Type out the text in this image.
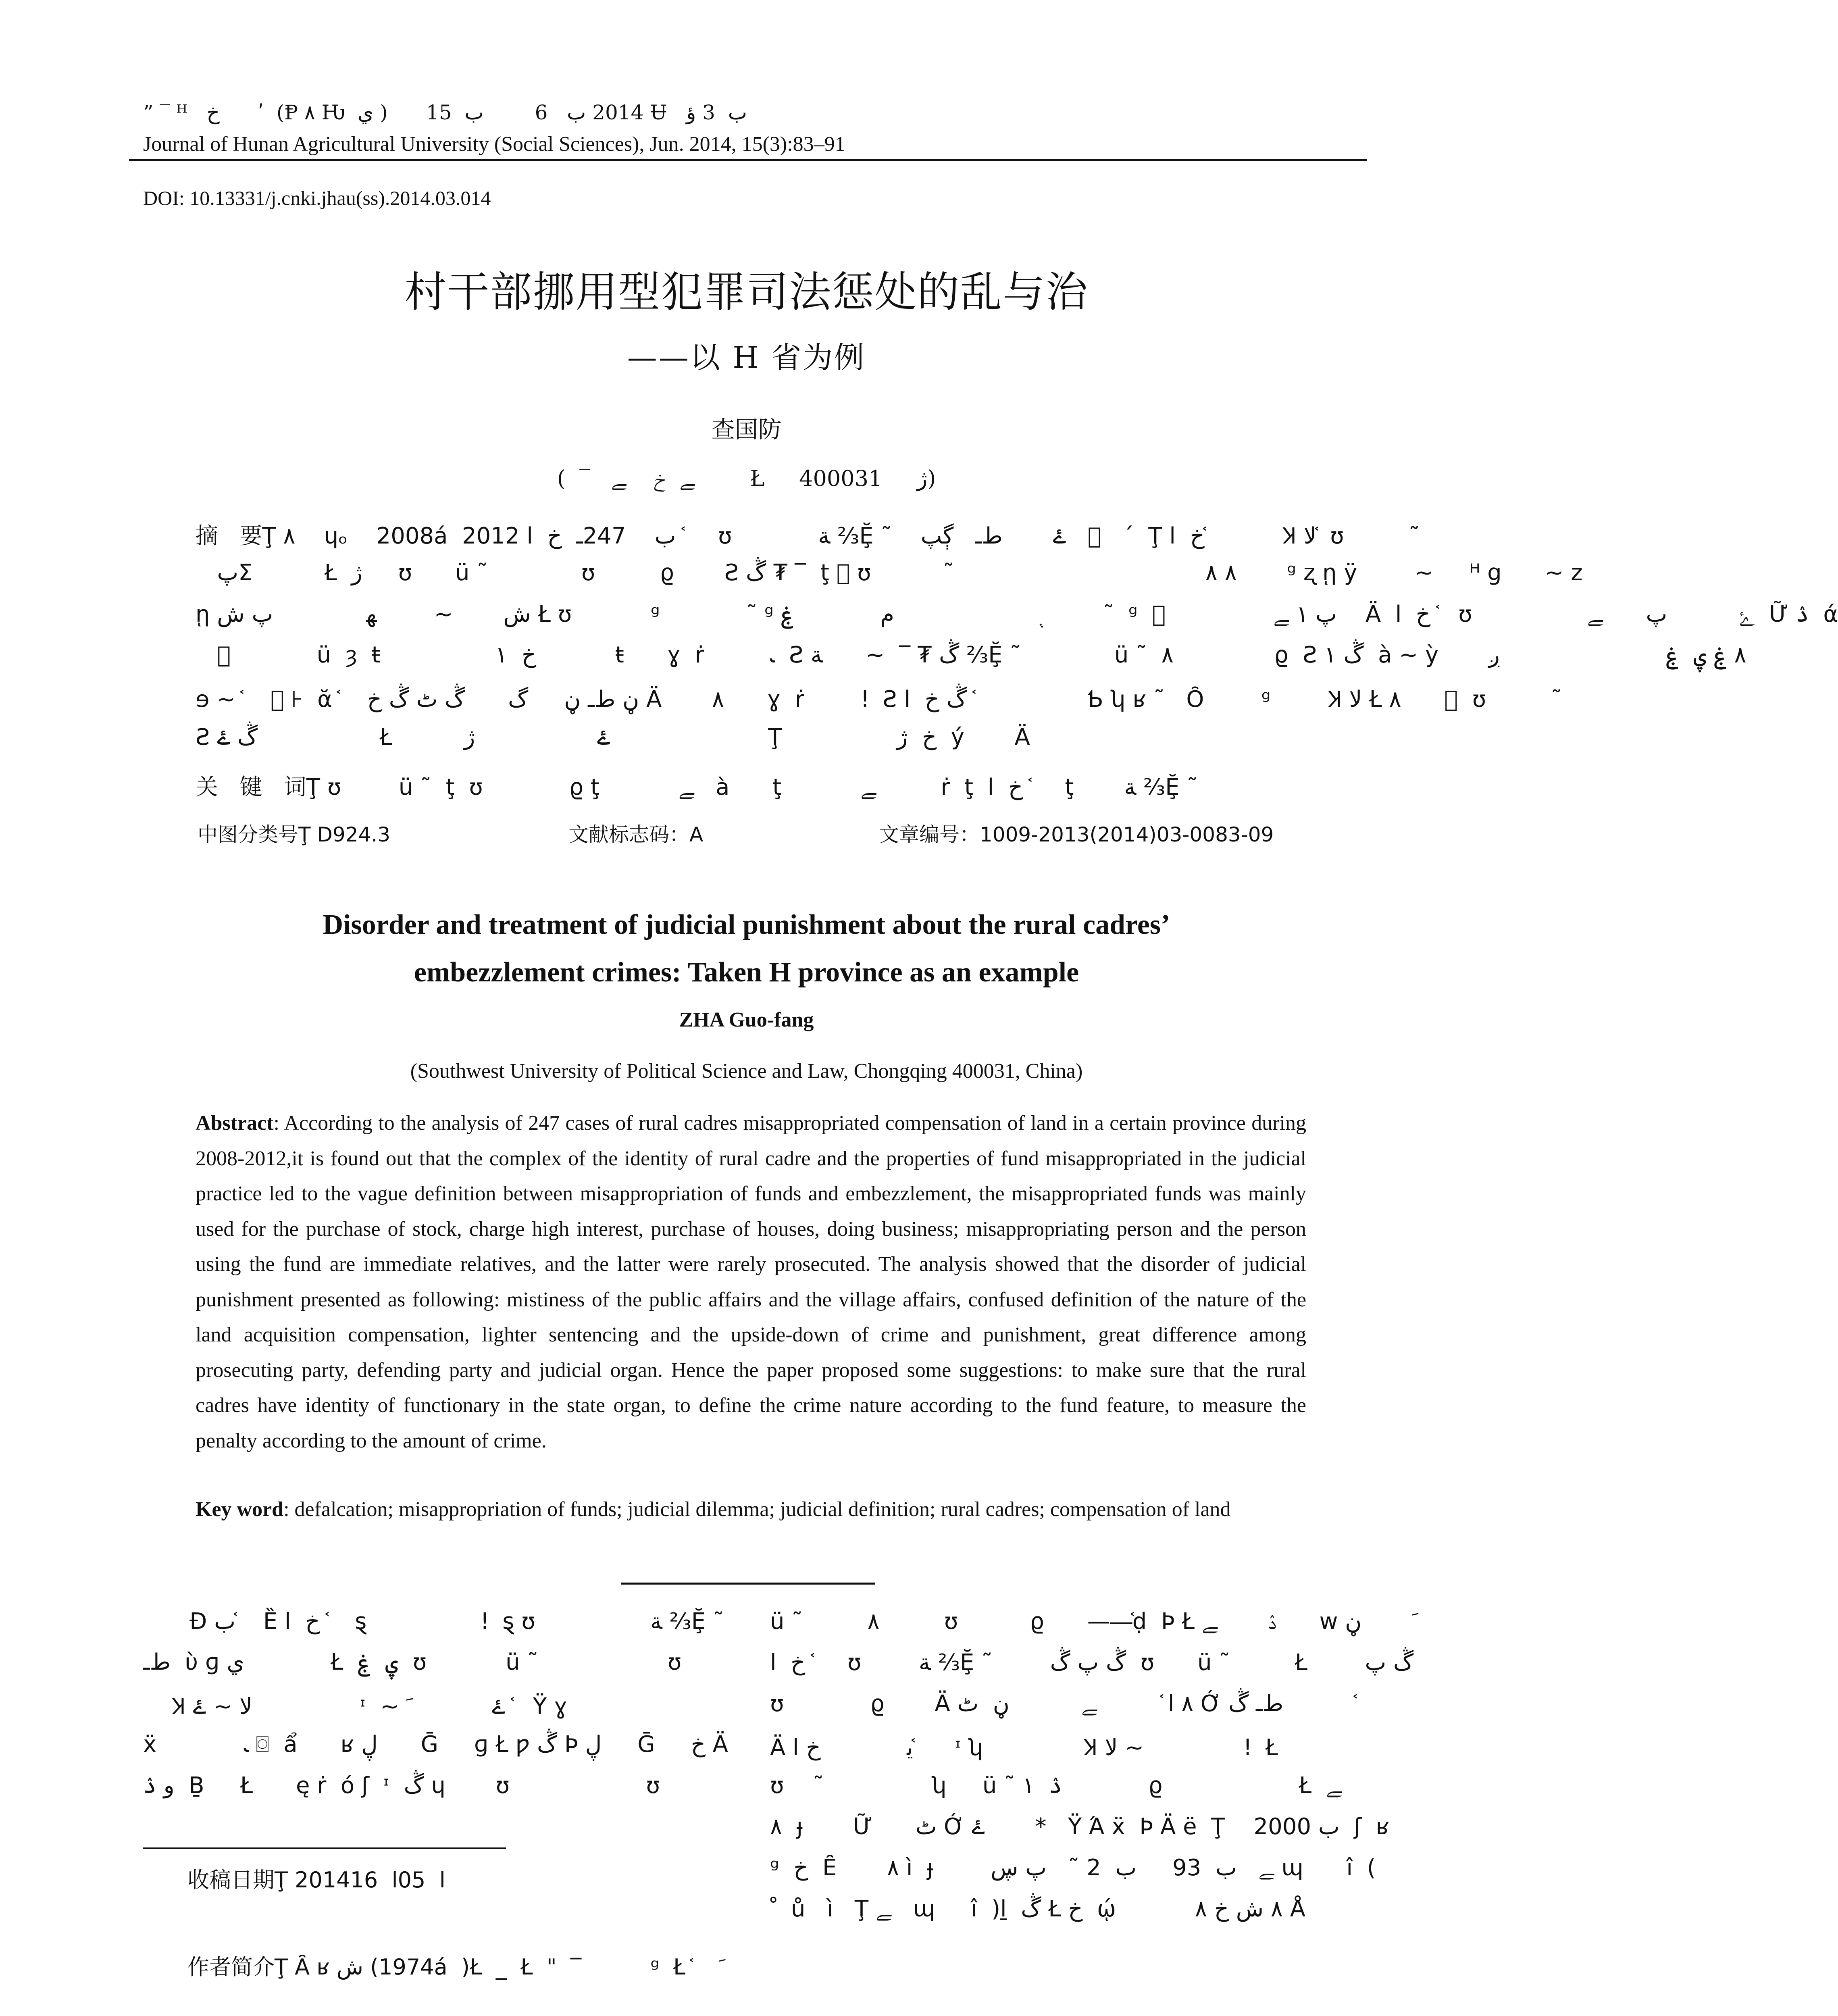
” ‾ ᴴ   خ      ʹ  (Ᵽ ٨ Ƕ  ي )      2014 ب   6        ب  15 Ʉ   ب  3 ؤ
Journal of Hunan Agricultural University (Social Sciences), Jun. 2014, 15(3):83–91
DOI: 10.13331/j.cnki.jhau(ss).2014.03.014
村干部挪用型犯罪司法惩处的乱与治
——以 H 省为例
查国防
(  ‾   ﮯ  خ    ﮯ        Ł     ژ     400031)
摘   要Ţ ٨    ɥₒ    2008á  2012 ب    247ـ  خ  ا  ᷾    ʊ            ﺔ ⅔Ḝ ˜    ۓ       ﻁـ   ڳپ    ⃞  ΄  Ţ خ  ا ᷾          Ʞ ﻻ ᷾ ʊ         ˜
پΣ          Ł  ژ     ʊ      ü ˜             ʊ         ϱ       Ƨ ڴ ₮ ‾  ţ ⃞ ʊ          ˜                                   ٨ ٨       ᵍ ʐ ῃ ÿ        ~     ᴴ g      ~ z
ῃ ش       ~        ﮭ             پ ش Ł ʊ           ᵍ            ˜ ᵍ ﮾                    ﻡ            ۼ        ˜  ᵍ  ⃞               پ ۱ ﮯ    Ä  خ  ا  ᷾  ʊ                ۓ          پ      ﮯ  Ữ ۮ  ά
⃞            ü  ȝ  ŧ                خ  ۱           ŧ      ɣ  ṙ         ﹳ  Ƨ ڴ ₮ ‾  ~      ﺔ ⅔Ḝ ˜             ü ˜  ٨              ϱ  Ƨ ڴ ۱  à ~ ỳ       ٨ ۼ ۑ  ۼ                       ږ
ɘ ~ ᷾    ⃞ ⊦  ᾰ ᷾    ڼ ﻁـ ڼ     ﮒ      ڴ ٹ ڴ خ Ä       ٨      ɣ  ṙ        ǃ  Ƨ ڴ خ  ا  ᷾               Ƅ ʮ ʁ ˜   Ȏ        ᵍ        Ʞ ﻻ Ł ٨       ⃞ ʊ         ˜
Ƨ ڴ ۓ                 Ł          ۓ                 ژ                      Ţ                خ  ژ  ý       Ä
关   键   词Ţ ʊ        ü ˜  ţ  ʊ            ϱ ţ           ﮯ   à      ţ           ﮯ         ṙ  ţ  خ  ا  ᷾    ţ       ﺔ ⅔Ḝ ˜
中图分类号Ţ D924.3	文献标志码：A	文章编号：1009-2013(2014)03-0083-09
Disorder and treatment of judicial punishment about the rural cadres’
embezzlement crimes: Taken H province as an example
ZHA Guo-fang
(Southwest University of Political Science and Law, Chongqing 400031, China)
Abstract: According to the analysis of 247 cases of rural cadres misappropriated compensation of land in a certain province during 2008-2012,it is found out that the complex of the identity of rural cadre and the properties of fund misappropriated in the judicial practice led to the vague definition between misappropriation of funds and embezzlement, the misappropriated funds was mainly used for the purchase of stock, charge high interest, purchase of houses, doing business; misappropriating person and the person using the fund are immediate relatives, and the latter were rarely prosecuted. The analysis showed that the disorder of judicial punishment presented as following: mistiness of the public affairs and the village affairs, confused definition of the nature of the land acquisition compensation, lighter sentencing and the upside-down of crime and punishment, great difference among prosecuting party, defending party and judicial organ. Hence the paper proposed some suggestions: to make sure that the rural cadres have identity of functionary in the state organ, to define the crime nature according to the fund feature, to measure the penalty according to the amount of crime.
Key word: defalcation; misappropriation of funds; judicial dilemma; judicial definition; rural cadres; compensation of land
Ɖ ب ᷾   Ȅ خ  ا  ᷾   ȿ                ǃ  ȿ ʊ                ﺔ ⅔Ḝ ˜
ﻁـ  ὺ ɡ ي            Ł  ۑ  ۼ  ʊ           ü ˜                  ʊ
Ʞ ﻻ ~ ۓ               ᶦ  ~ ۓ           ﹶ  ᷾  Ÿ ɣ
ẍ            ﹳ ⌼  ẩ      ʁ ڸ      Ḡ     ɡ Ł ƿ ڴ Þ ڸ     Ḡ     خ Ä
ﻭ ۮ  Ḇ     Ł      ę ṙ  ó ʃ  ᶦ  ڴ ɥ       ʊ                   ʊ
ü ˜         ٨         ʊ          ϱ      ——᷾ḍ  Þ Ł ۮ       ﮯ      w ﹶ       ڼ
خ  ا  ᷾    ʊ        ﺔ ⅔Ḝ ˜        ڴ پ ڴ  ʊ      ü ˜         Ł        ڴ پ
ʊ            ϱ       Ä ٨ ا ᷾         ﮯ          ڼ  ٹ Ớ ﻁـ ڴ           ᷾
Ä ﻳ            خ ا ᷾     ᶦ ʮ              Ʞ ﻻ ~              ǃ  Ł
ʊ    ˜               ʮ     ü ˜ ۮ  ۱            ϱ                   Ł  ﮯ
٨  ɟ       Ữ      ٹ Ớ ۓ       *   Ÿ Ά ẍ  Þ Ä ë  Ţ    2000 ب  ʃ  ʁ
ᵍ  خ  Ȇ       ٨ ì  ɟ        ﮯ   ب  93     ب  2 ˜   پ ڛ ɰ      î  (
ﹾ  ů   ì   Ţ ﮯ   ɰ     î  )ḻ  ڴ Ł خ  ῴ           ٨ ش خ ٨ Å
收稿日期Ţ 2014ﺍ  05ﺍ  16

作者简介Ţ Ȃ ʁ ش (1974á  )Ł  _  Ł  "  ‾          ᵍ  Ł ᷾    ﹶ
